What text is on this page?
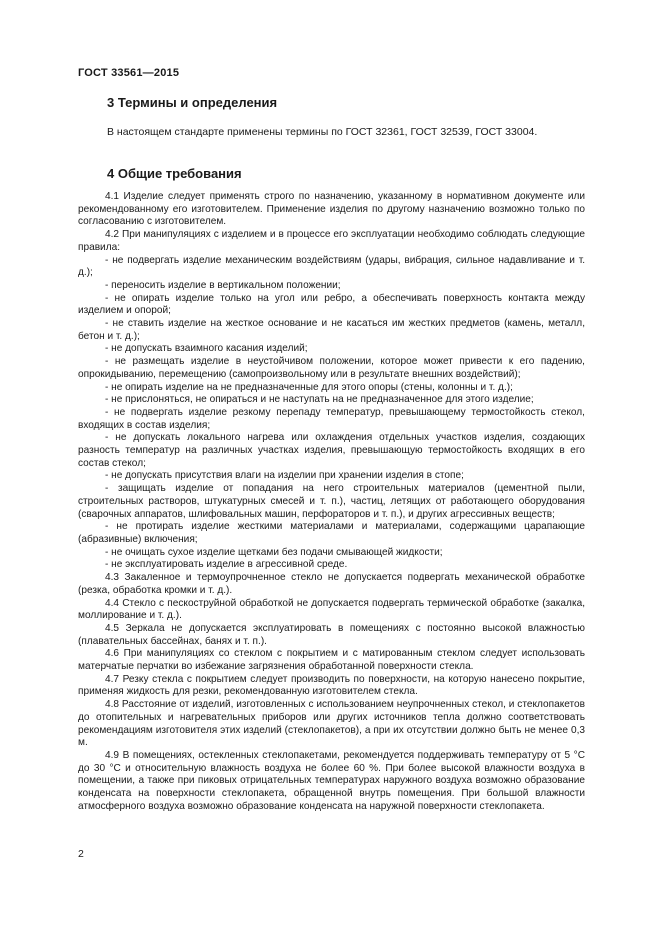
ГОСТ 33561—2015
3 Термины и определения
В настоящем стандарте применены термины по ГОСТ 32361, ГОСТ 32539, ГОСТ 33004.
4 Общие требования

4.1 Изделие следует применять строго по назначению, указанному в нормативном документе или рекомендованному его изготовителем. Применение изделия по другому назначению возможно только по согласованию с изготовителем.

4.2 При манипуляциях с изделием и в процессе его эксплуатации необходимо соблюдать следующие правила:

- не подвергать изделие механическим воздействиям (удары, вибрация, сильное надавливание и т. д.);

- переносить изделие в вертикальном положении;

- не опирать изделие только на угол или ребро, а обеспечивать поверхность контакта между изделием и опорой;

- не ставить изделие на жесткое основание и не касаться им жестких предметов (камень, металл, бетон и т. д.);

- не допускать взаимного касания изделий;

- не размещать изделие в неустойчивом положении, которое может привести к его падению, опрокидыванию, перемещению (самопроизвольному или в результате внешних воздействий);

- не опирать изделие на не предназначенные для этого опоры (стены, колонны и т. д.);

- не прислоняться, не опираться и не наступать на не предназначенное для этого изделие;

- не подвергать изделие резкому перепаду температур, превышающему термостойкость стекол, входящих в состав изделия;

- не допускать локального нагрева или охлаждения отдельных участков изделия, создающих разность температур на различных участках изделия, превышающую термостойкость входящих в его состав стекол;

- не допускать присутствия влаги на изделии при хранении изделия в стопе;

- защищать изделие от попадания на него строительных материалов (цементной пыли, строительных растворов, штукатурных смесей и т. п.), частиц, летящих от работающего оборудования (сварочных аппаратов, шлифовальных машин, перфораторов и т. п.), и других агрессивных веществ;

- не протирать изделие жесткими материалами и материалами, содержащими царапающие (абразивные) включения;

- не очищать сухое изделие щетками без подачи смывающей жидкости;

- не эксплуатировать изделие в агрессивной среде.

4.3 Закаленное и термоупрочненное стекло не допускается подвергать механической обработке (резка, обработка кромки и т. д.).

4.4 Стекло с пескоструйной обработкой не допускается подвергать термической обработке (закалка, моллирование и т. д.).

4.5 Зеркала не допускается эксплуатировать в помещениях с постоянно высокой влажностью (плавательных бассейнах, банях и т. п.).

4.6 При манипуляциях со стеклом с покрытием и с матированным стеклом следует использовать матерчатые перчатки во избежание загрязнения обработанной поверхности стекла.

4.7 Резку стекла с покрытием следует производить по поверхности, на которую нанесено покрытие, применяя жидкость для резки, рекомендованную изготовителем стекла.

4.8 Расстояние от изделий, изготовленных с использованием неупрочненных стекол, и стеклопакетов до отопительных и нагревательных приборов или других источников тепла должно соответствовать рекомендациям изготовителя этих изделий (стеклопакетов), а при их отсутствии должно быть не менее 0,3 м.

4.9 В помещениях, остекленных стеклопакетами, рекомендуется поддерживать температуру от 5 °С до 30 °С и относительную влажность воздуха не более 60 %. При более высокой влажности воздуха в помещении, а также при пиковых отрицательных температурах наружного воздуха возможно образование конденсата на поверхности стеклопакета, обращенной внутрь помещения. При большой влажности атмосферного воздуха возможно образование конденсата на наружной поверхности стеклопакета.

2
